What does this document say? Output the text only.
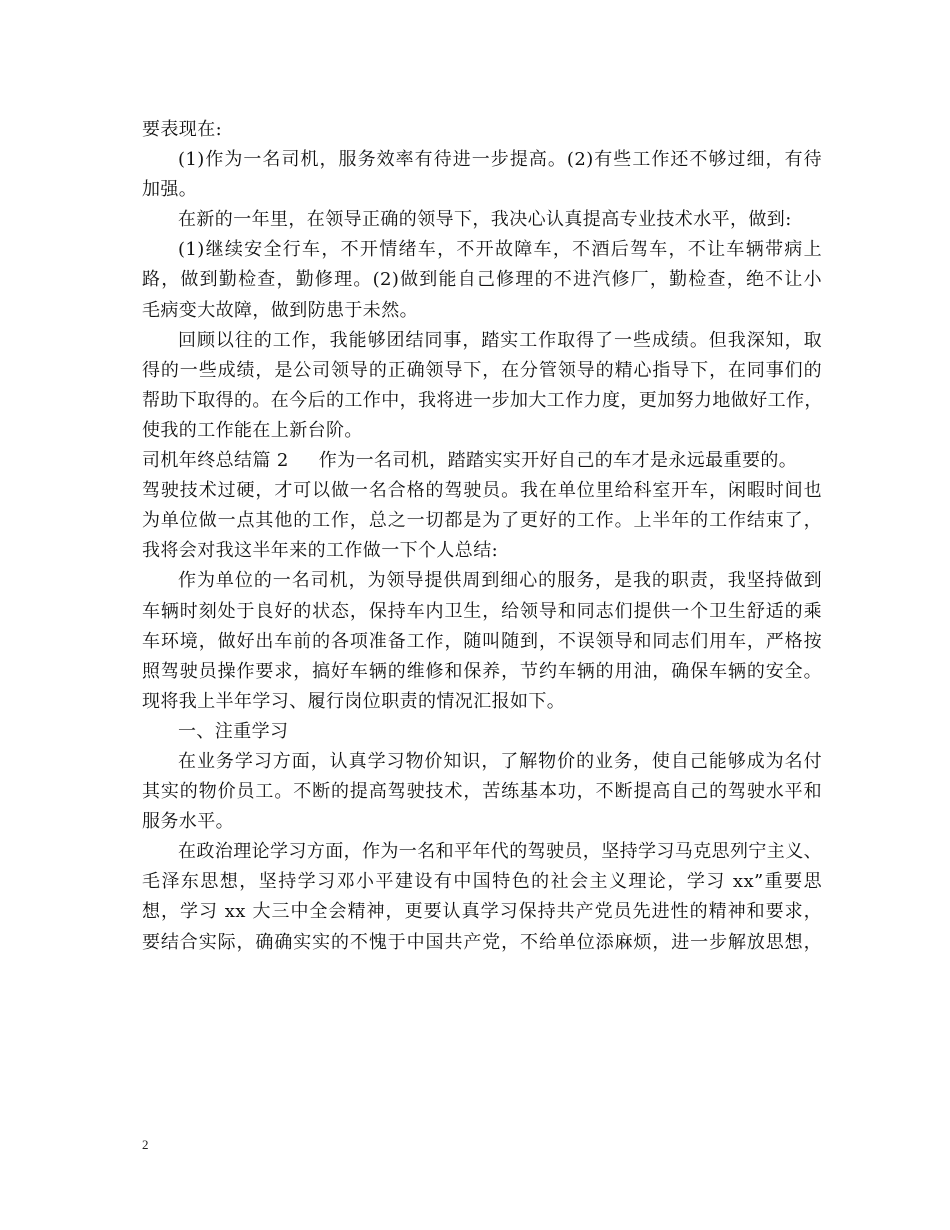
要表现在:
(1)作为一名司机，服务效率有待进一步提高。(2)有些工作还不够过细，有待
加强。
在新的一年里，在领导正确的领导下，我决心认真提高专业技术水平，做到:
(1)继续安全行车，不开情绪车，不开故障车，不酒后驾车，不让车辆带病上
路，做到勤检查，勤修理。(2)做到能自己修理的不进汽修厂，勤检查，绝不让小
毛病变大故障，做到防患于未然。
回顾以往的工作，我能够团结同事，踏实工作取得了一些成绩。但我深知，取
得的一些成绩，是公司领导的正确领导下，在分管领导的精心指导下，在同事们的
帮助下取得的。在今后的工作中，我将进一步加大工作力度，更加努力地做好工作，
使我的工作能在上新台阶。
司机年终总结篇 2 作为一名司机，踏踏实实开好自己的车才是永远最重要的。
驾驶技术过硬，才可以做一名合格的驾驶员。我在单位里给科室开车，闲暇时间也
为单位做一点其他的工作，总之一切都是为了更好的工作。上半年的工作结束了，
我将会对我这半年来的工作做一下个人总结:
作为单位的一名司机，为领导提供周到细心的服务，是我的职责，我坚持做到
车辆时刻处于良好的状态，保持车内卫生，给领导和同志们提供一个卫生舒适的乘
车环境，做好出车前的各项准备工作，随叫随到，不误领导和同志们用车，严格按
照驾驶员操作要求，搞好车辆的维修和保养，节约车辆的用油，确保车辆的安全。
现将我上半年学习、履行岗位职责的情况汇报如下。
一、注重学习
在业务学习方面，认真学习物价知识，了解物价的业务，使自己能够成为名付
其实的物价员工。不断的提高驾驶技术，苦练基本功，不断提高自己的驾驶水平和
服务水平。
在政治理论学习方面，作为一名和平年代的驾驶员，坚持学习马克思列宁主义、
毛泽东思想，坚持学习邓小平建设有中国特色的社会主义理论，学习 xx”重要思
想，学习 xx 大三中全会精神，更要认真学习保持共产党员先进性的精神和要求，
要结合实际，确确实实的不愧于中国共产党，不给单位添麻烦，进一步解放思想，
2
